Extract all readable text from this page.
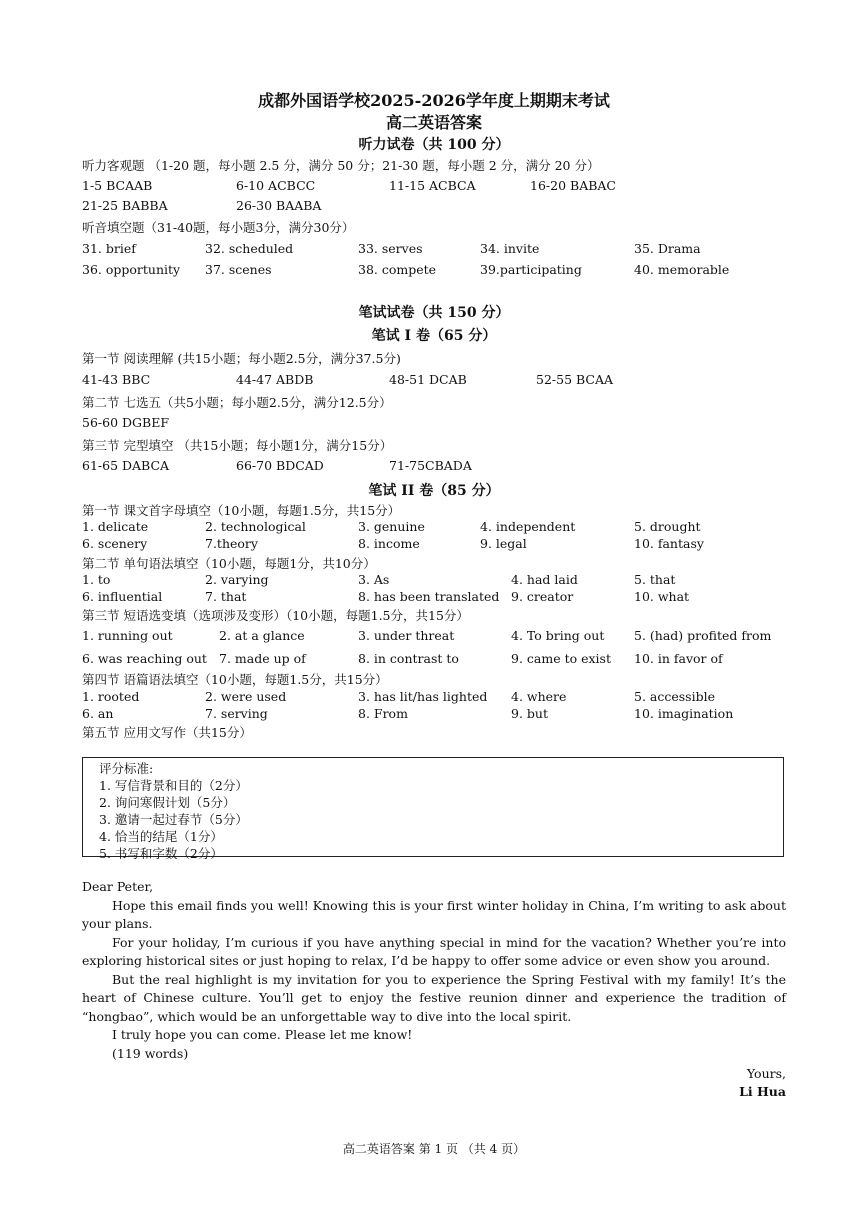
成都外国语学校2025-2026学年度上期期末考试
高二英语答案
听力试卷（共 100 分）
听力客观题 （1-20 题，每小题 2.5 分，满分 50 分；21-30 题，每小题 2 分，满分 20 分）
1-5 BCAAB	6-10 ACBCC	11-15 ACBCA	16-20 BABAC
21-25 BABBA	26-30 BAABA
听音填空题（31-40题，每小题3分，满分30分）
31. brief	32. scheduled	33. serves	34. invite	35. Drama
36. opportunity 37. scenes	38. compete	39.participating	40. memorable
笔试试卷（共 150 分）
笔试 I 卷（65 分）
第一节 阅读理解 (共15小题；每小题2.5分，满分37.5分)
41-43 BBC	44-47 ABDB	48-51 DCAB	52-55 BCAA
第二节 七选五（共5小题；每小题2.5分，满分12.5分）
56-60 DGBEF
第三节 完型填空 （共15小题；每小题1分，满分15分）
61-65 DABCA	66-70 BDCAD	71-75CBADA
笔试 II 卷（85 分）
第一节 课文首字母填空（10小题，每题1.5分，共15分）
1. delicate	2. technological	3. genuine	4. independent	5. drought
6. scenery	7.theory	8. income	9. legal	10. fantasy
第二节 单句语法填空（10小题，每题1分，共10分）
1. to	2. varying	3. As	4. had laid	5. that
6. influential	7. that	8. has been translated 9. creator	10. what
第三节 短语选变填（选项涉及变形）（10小题，每题1.5分，共15分）
1. running out	2. at a glance	3. under threat	4. To bring out 5. (had) profited from
6. was reaching out 7. made up of	8. in contrast to	9. came to exist 10. in favor of
第四节 语篇语法填空（10小题，每题1.5分，共15分）
1. rooted	2. were used	3. has lit/has lighted 4. where	5. accessible
6. an	7. serving	8. From	9. but	10. imagination
第五节 应用文写作（共15分）
评分标准:
1. 写信背景和目的（2分）
2. 询问寒假计划（5分）
3. 邀请一起过春节（5分）
4. 恰当的结尾（1分）
5. 书写和字数（2分）

Dear Peter,

Hope this email finds you well! Knowing this is your first winter holiday in China, I’m writing to ask about your plans.

For your holiday, I’m curious if you have anything special in mind for the vacation? Whether you’re into exploring historical sites or just hoping to relax, I’d be happy to offer some advice or even show you around.

But the real highlight is my invitation for you to experience the Spring Festival with my family! It’s the heart of Chinese culture. You’ll get to enjoy the festive reunion dinner and experience the tradition of “hongbao”, which would be an unforgettable way to dive into the local spirit.

I truly hope you can come. Please let me know!

(119 words)

Yours,
Li Hua
高二英语答案 第 1 页 （共 4 页）
